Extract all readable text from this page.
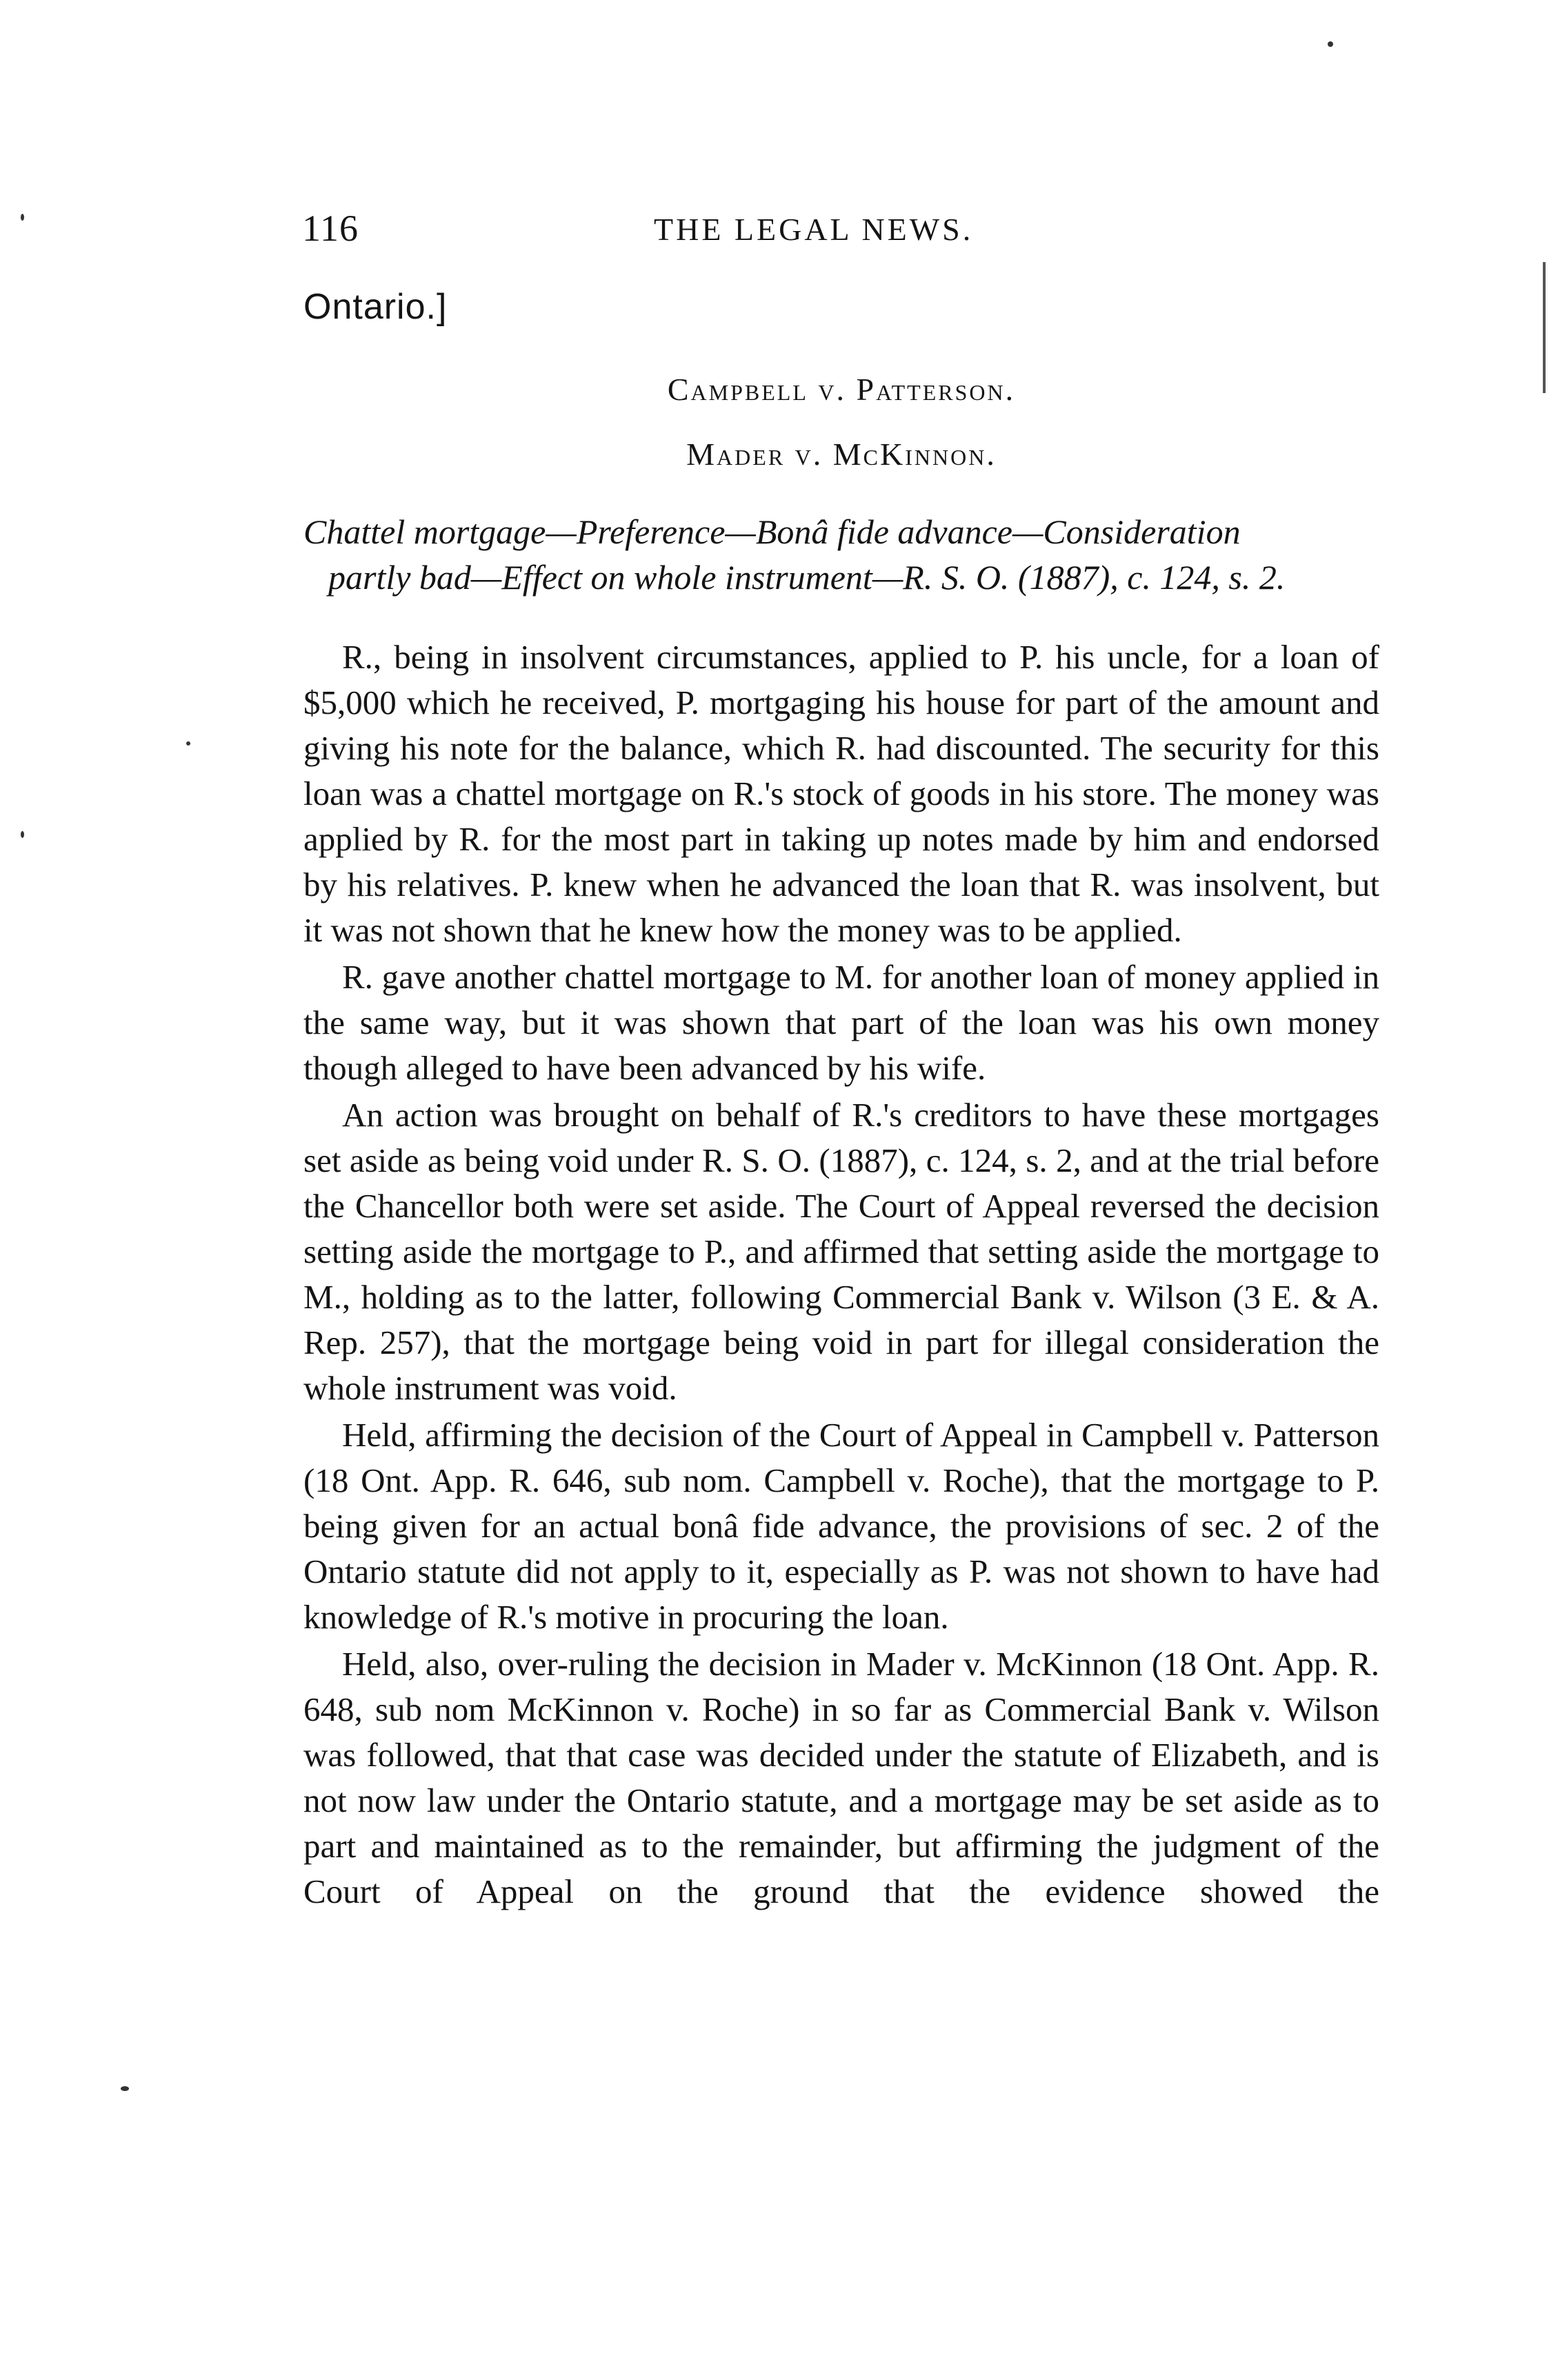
116	THE LEGAL NEWS.
Ontario.]
Campbell v. Patterson.
Mader v. McKinnon.
Chattel mortgage—Preference—Bonâ fide advance—Consideration
partly bad—Effect on whole instrument—R. S. O. (1887), c. 124, s. 2.

R., being in insolvent circumstances, applied to P. his uncle, for a loan of $5,000 which he received, P. mortgaging his house for part of the amount and giving his note for the balance, which R. had discounted. The security for this loan was a chattel mortgage on R.'s stock of goods in his store. The money was applied by R. for the most part in taking up notes made by him and endorsed by his relatives. P. knew when he advanced the loan that R. was insolvent, but it was not shown that he knew how the money was to be applied.

R. gave another chattel mortgage to M. for another loan of money applied in the same way, but it was shown that part of the loan was his own money though alleged to have been advanced by his wife.

An action was brought on behalf of R.'s creditors to have these mortgages set aside as being void under R. S. O. (1887), c. 124, s. 2, and at the trial before the Chancellor both were set aside. The Court of Appeal reversed the decision setting aside the mortgage to P., and affirmed that setting aside the mortgage to M., holding as to the latter, following Commercial Bank v. Wilson (3 E. & A. Rep. 257), that the mortgage being void in part for illegal consideration the whole instrument was void.

Held, affirming the decision of the Court of Appeal in Campbell v. Patterson (18 Ont. App. R. 646, sub nom. Campbell v. Roche), that the mortgage to P. being given for an actual bonâ fide advance, the provisions of sec. 2 of the Ontario statute did not apply to it, especially as P. was not shown to have had knowledge of R.'s motive in procuring the loan.

Held, also, over-ruling the decision in Mader v. McKinnon (18 Ont. App. R. 648, sub nom McKinnon v. Roche) in so far as Commercial Bank v. Wilson was followed, that that case was decided under the statute of Elizabeth, and is not now law under the Ontario statute, and a mortgage may be set aside as to part and maintained as to the remainder, but affirming the judgment of the Court of Appeal on the ground that the evidence showed the
